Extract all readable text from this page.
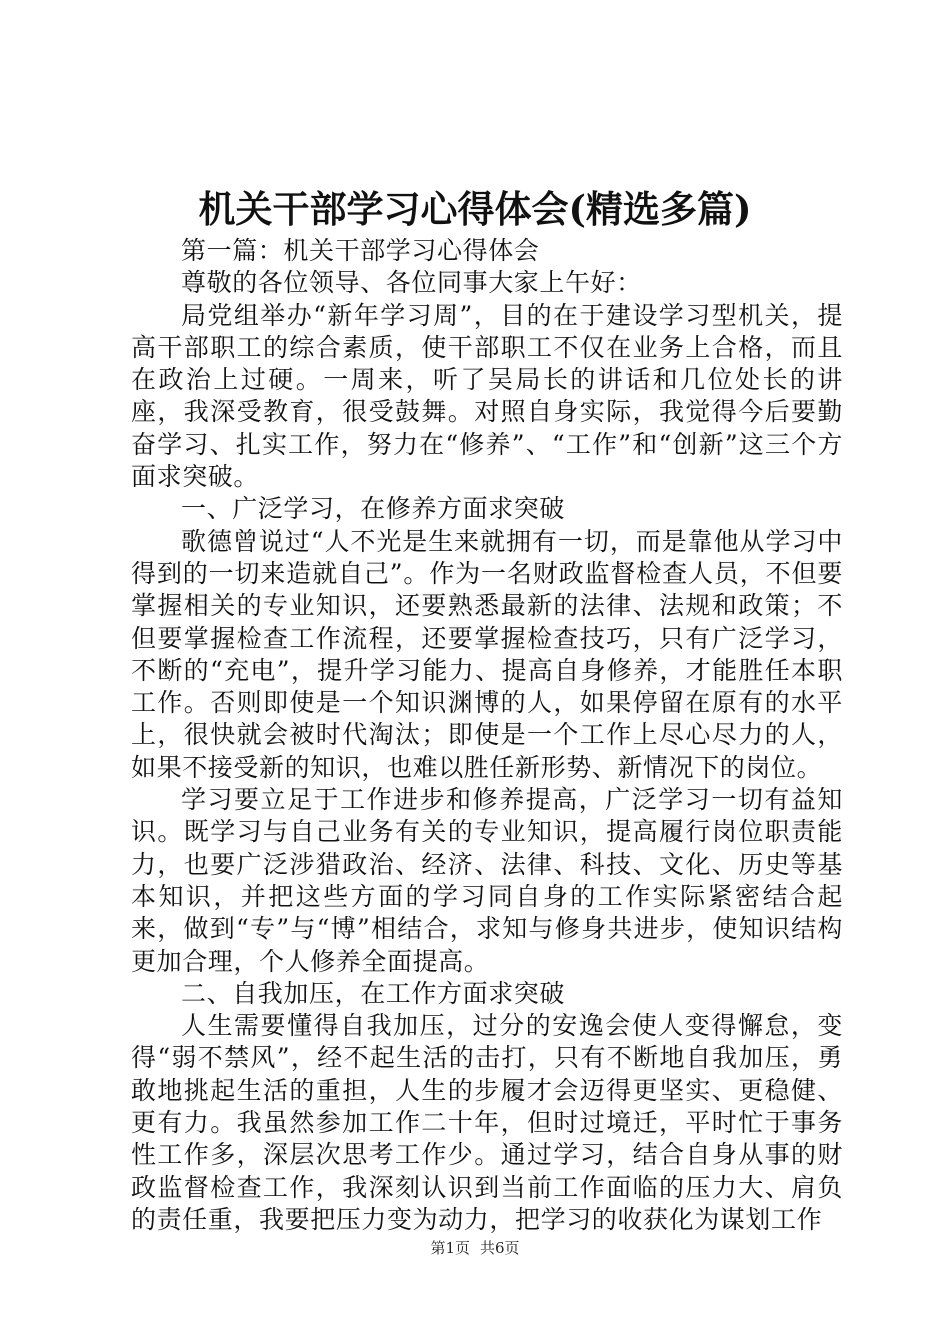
机关干部学习心得体会(精选多篇)

第一篇：机关干部学习心得体会

尊敬的各位领导、各位同事大家上午好：

局党组举办“新年学习周”，目的在于建设学习型机关，提高干部职工的综合素质，使干部职工不仅在业务上合格，而且在政治上过硬。一周来，听了吴局长的讲话和几位处长的讲座，我深受教育，很受鼓舞。对照自身实际，我觉得今后要勤奋学习、扎实工作，努力在“修养”、“工作”和“创新”这三个方面求突破。

一、广泛学习，在修养方面求突破

歌德曾说过“人不光是生来就拥有一切，而是靠他从学习中得到的一切来造就自己”。作为一名财政监督检查人员，不但要掌握相关的专业知识，还要熟悉最新的法律、法规和政策；不但要掌握检查工作流程，还要掌握检查技巧，只有广泛学习，不断的“充电”，提升学习能力、提高自身修养，才能胜任本职工作。否则即使是一个知识渊博的人，如果停留在原有的水平上，很快就会被时代淘汰；即使是一个工作上尽心尽力的人，如果不接受新的知识，也难以胜任新形势、新情况下的岗位。

学习要立足于工作进步和修养提高，广泛学习一切有益知识。既学习与自己业务有关的专业知识，提高履行岗位职责能力，也要广泛涉猎政治、经济、法律、科技、文化、历史等基本知识，并把这些方面的学习同自身的工作实际紧密结合起来，做到“专”与“博”相结合，求知与修身共进步，使知识结构更加合理，个人修养全面提高。

二、自我加压，在工作方面求突破

人生需要懂得自我加压，过分的安逸会使人变得懈怠，变得“弱不禁风”，经不起生活的击打，只有不断地自我加压，勇敢地挑起生活的重担，人生的步履才会迈得更坚实、更稳健、更有力。我虽然参加工作二十年，但时过境迁，平时忙于事务性工作多，深层次思考工作少。通过学习，结合自身从事的财政监督检查工作，我深刻认识到当前工作面临的压力大、肩负的责任重，我要把压力变为动力，把学习的收获化为谋划工作

第1页 共6页
